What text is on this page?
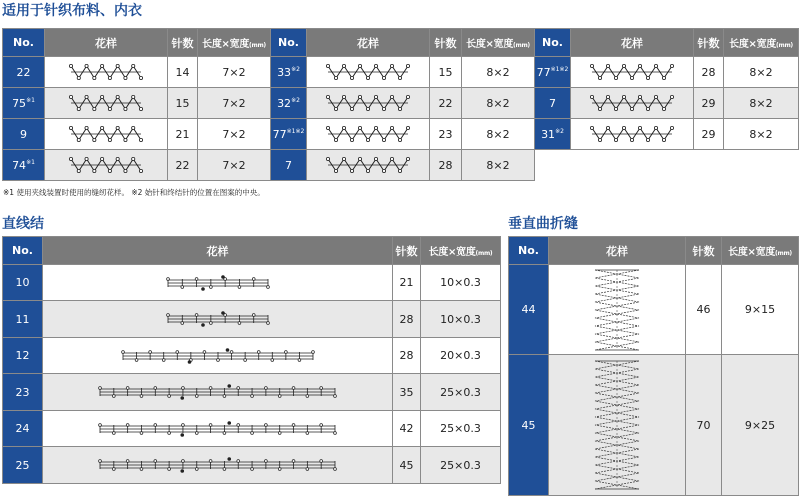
适用于针织布料、内衣
No.	花样	针数	长度×宽度(mm)
22		14	7×2
75$^{※1}$		15	7×2
9		21	7×2
74$^{※1}$		22	7×2
No.	花样	针数	长度×宽度(mm)
33$^{※2}$		15	8×2
32$^{※2}$		22	8×2
$77^{※1※2}$		23	8×2
7		28	8×2
No.	花样	针数	长度×宽度(mm)
$77^{※1※2}$		28	8×2
7		29	8×2
31$^{※2}$		29	8×2
※1 使用夹线装置时使用的缝纫花样。 ※2 始针和终结针的位置在图案的中央。
直线结
No.	花样	针数	长度×宽度(mm)
10		21	10×0.3
11		28	10×0.3
12		28	20×0.3
23		35	25×0.3
24		42	25×0.3
25		45	25×0.3
垂直曲折缝
No.	花样	针数	长度×宽度(mm)
44		46	9×15
45		70	9×25
